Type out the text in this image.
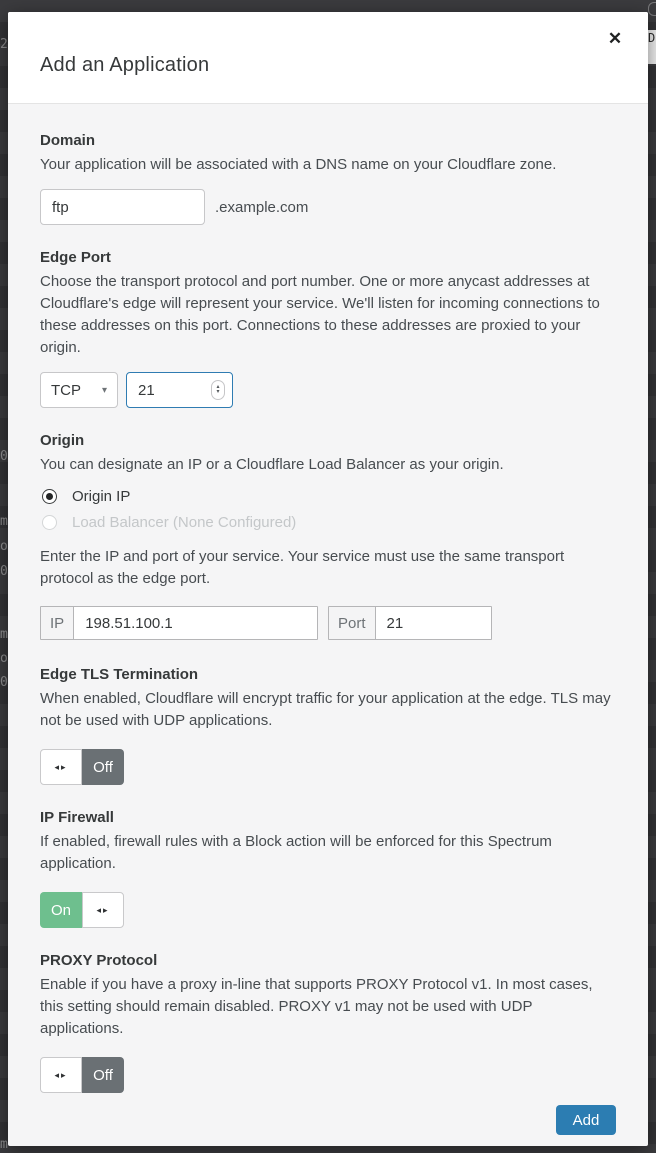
2
0
m
o
0
m
o
0
m
D
Add an Application
✕
Domain
Your application will be associated with a DNS name on your Cloudflare zone.
ftp
.example.com
Edge Port
Choose the transport protocol and port number. One or more anycast addresses at Cloudflare's edge will represent your service. We'll listen for incoming connections to these addresses on this port. Connections to these addresses are proxied to your origin.
TCP ▾
21	▴
▾
Origin
You can designate an IP or a Cloudflare Load Balancer as your origin.
Origin IP
Load Balancer (None Configured)
Enter the IP and port of your service. Your service must use the same transport protocol as the edge port.
IP
198.51.100.1	Port
21
Edge TLS Termination
When enabled, Cloudflare will encrypt traffic for your application at the edge. TLS may not be used with UDP applications.
◂▸	Off
IP Firewall
If enabled, firewall rules with a Block action will be enforced for this Spectrum application.
On	◂▸
PROXY Protocol
Enable if you have a proxy in-line that supports PROXY Protocol v1. In most cases, this setting should remain disabled. PROXY v1 may not be used with UDP applications.
◂▸	Off
Add
